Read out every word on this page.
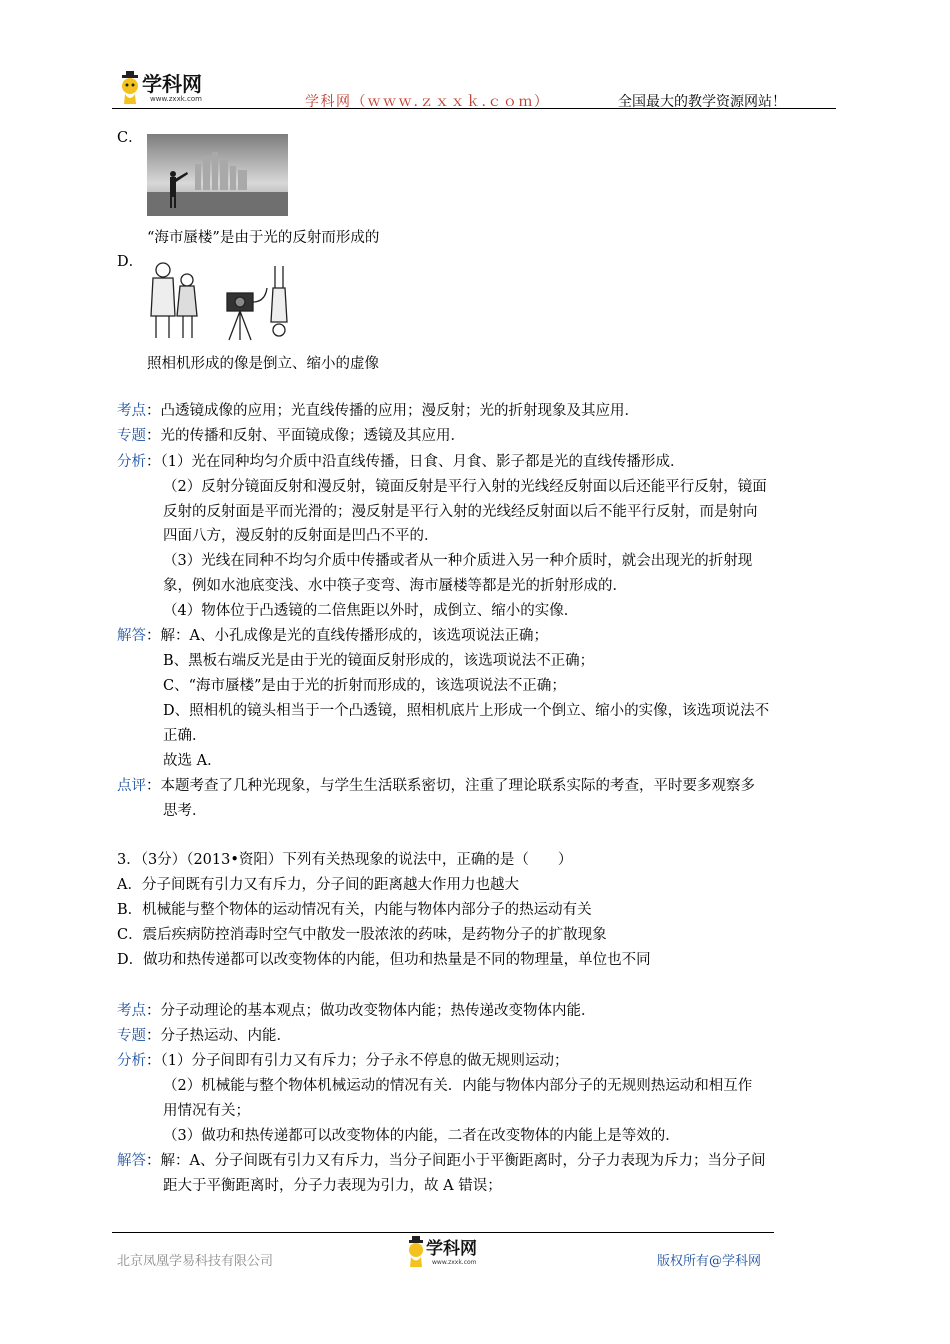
学科网
www.zxxk.com	学科网（ｗｗｗ.ｚｘｘｋ.ｃｏｍ）	全国最大的教学资源网站！
C．
“海市蜃楼”是由于光的反射而形成的
D．
照相机形成的像是倒立、缩小的虚像
考点：凸透镜成像的应用；光直线传播的应用；漫反射；光的折射现象及其应用．
专题：光的传播和反射、平面镜成像；透镜及其应用．
分析：（1）光在同种均匀介质中沿直线传播，日食、月食、影子都是光的直线传播形成．
（2）反射分镜面反射和漫反射，镜面反射是平行入射的光线经反射面以后还能平行反射，镜面
反射的反射面是平而光滑的；漫反射是平行入射的光线经反射面以后不能平行反射，而是射向
四面八方，漫反射的反射面是凹凸不平的．
（3）光线在同种不均匀介质中传播或者从一种介质进入另一种介质时，就会出现光的折射现
象，例如水池底变浅、水中筷子变弯、海市蜃楼等都是光的折射形成的．
（4）物体位于凸透镜的二倍焦距以外时，成倒立、缩小的实像．
解答：解：A、小孔成像是光的直线传播形成的，该选项说法正确；
B、黑板右端反光是由于光的镜面反射形成的，该选项说法不正确；
C、“海市蜃楼”是由于光的折射而形成的，该选项说法不正确；
D、照相机的镜头相当于一个凸透镜，照相机底片上形成一个倒立、缩小的实像，该选项说法不
正确．
故选 A．
点评：本题考查了几种光现象，与学生生活联系密切，注重了理论联系实际的考查，平时要多观察多
思考．
3．（3分）（2013•资阳）下列有关热现象的说法中，正确的是（　　）
A．分子间既有引力又有斥力，分子间的距离越大作用力也越大
B．机械能与整个物体的运动情况有关，内能与物体内部分子的热运动有关
C．震后疾病防控消毒时空气中散发一股浓浓的药味，是药物分子的扩散现象
D．做功和热传递都可以改变物体的内能，但功和热量是不同的物理量，单位也不同
考点：分子动理论的基本观点；做功改变物体内能；热传递改变物体内能．
专题：分子热运动、内能．
分析：（1）分子间即有引力又有斥力；分子永不停息的做无规则运动；
（2）机械能与整个物体机械运动的情况有关．内能与物体内部分子的无规则热运动和相互作
用情况有关；
（3）做功和热传递都可以改变物体的内能，二者在改变物体的内能上是等效的．
解答：解：A、分子间既有引力又有斥力，当分子间距小于平衡距离时，分子力表现为斥力；当分子间
距大于平衡距离时，分子力表现为引力，故 A 错误；
北京凤凰学易科技有限公司
学科网
www.zxxk.com	版权所有@学科网
